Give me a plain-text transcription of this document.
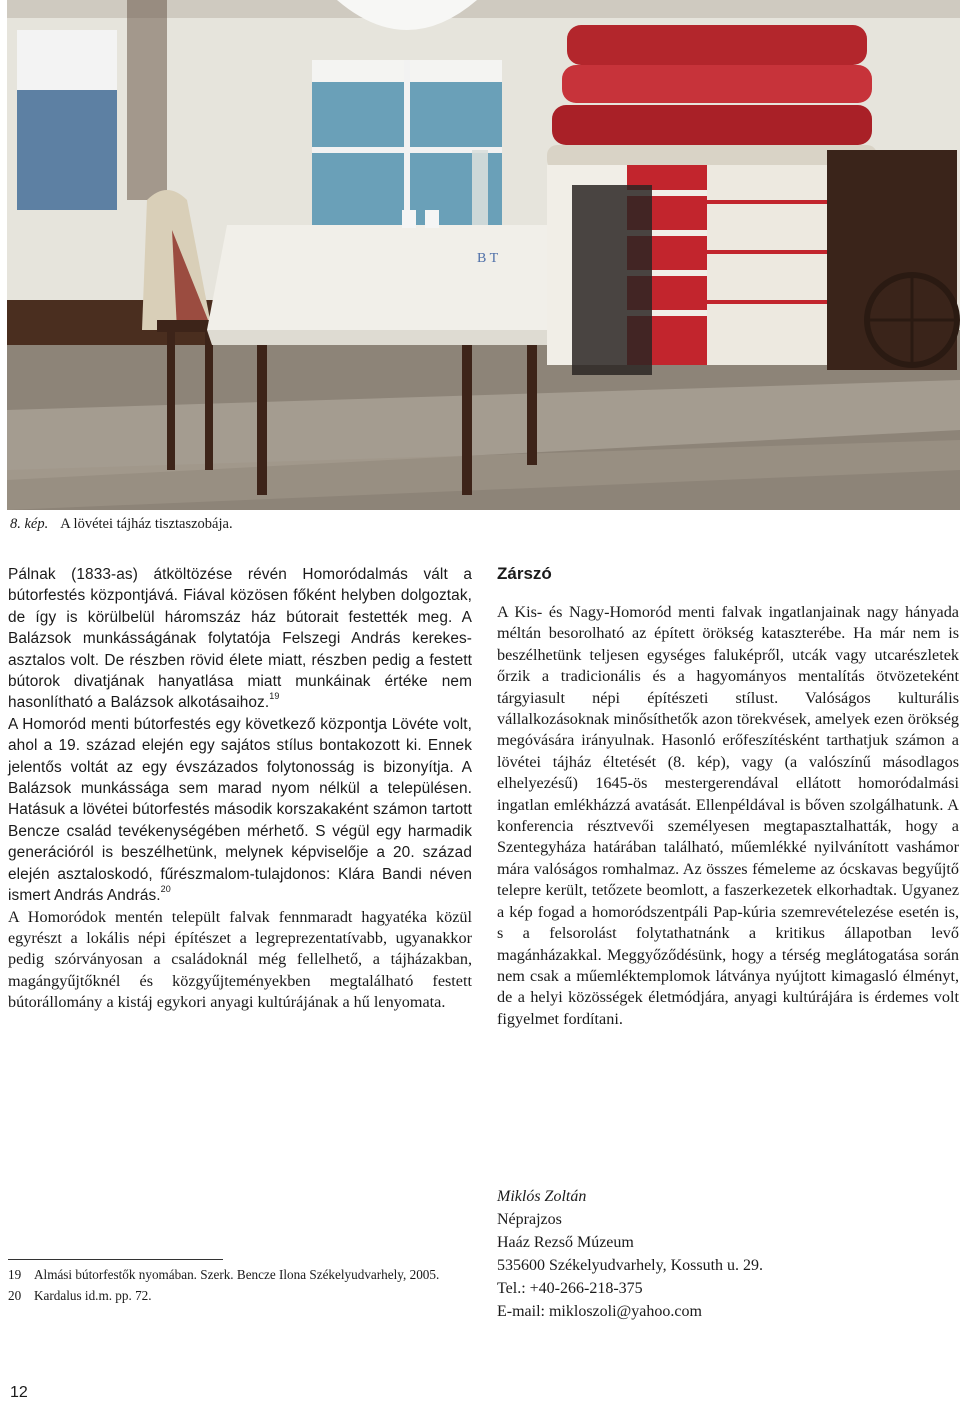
B T
8. kép. A lövétei tájház tisztaszobája.

Pálnak (1833-as) átköltözése révén Homoródalmás vált a bútorfestés központjává. Fiával közösen főként helyben dolgoztak, de így is körülbelül háromszáz ház bútorait festették meg. A Balázsok munkásságának folytatója Felszegi András kerekes-asztalos volt. De részben rövid élete miatt, részben pedig a festett bútorok divatjának hanyatlása miatt munkáinak értéke nem hasonlítható a Balázsok alkotásaihoz.$^{19}$

A Homoród menti bútorfestés egy következő központja Lövéte volt, ahol a 19. század elején egy sajátos stílus bontakozott ki. Ennek jelentős voltát az egy évszázados folytonosság is bizonyítja. A Balázsok munkássága sem marad nyom nélkül a településen. Hatásuk a lövétei bútorfestés második korszakaként számon tartott Bencze család tevékenységében mérhető. S végül egy harmadik generációról is beszélhetünk, melynek képviselője a 20. század elején asztaloskodó, fűrészmalom-tulajdonos: Klára Bandi néven ismert András András.$^{20}$

A Homoródok mentén települt falvak fennmaradt hagyatéka közül egyrészt a lokális népi építészet a legreprezentatívabb, ugyanakkor pedig szórványosan a családoknál még fellelhető, a tájházakban, magángyűjtőknél és közgyűjteményekben megtalálható festett bútorállomány a kistáj egykori anyagi kultúrájának a hű lenyomata.

Zárszó

A Kis- és Nagy-Homoród menti falvak ingatlanjainak nagy hányada méltán besorolható az épített örökség kataszterébe. Ha már nem is beszélhetünk teljesen egységes faluképről, utcák vagy utcarészletek őrzik a tradicionális és a hagyományos mentalítás ötvözeteként tárgyiasult népi építészeti stílust. Valóságos kulturális vállalkozásoknak minősíthetők azon törekvések, amelyek ezen örökség megóvására irányulnak. Hasonló erőfeszítésként tarthatjuk számon a lövétei tájház éltetését (8. kép), vagy (a valószínű másodlagos elhelyezésű) 1645-ös mestergerendával ellátott homoródalmási ingatlan emlékházzá avatását. Ellenpéldával is bőven szolgálhatunk. A konferencia résztvevői személyesen megtapasztalhatták, hogy a Szentegyháza határában található, műemlékké nyilvánított vashámor mára valóságos romhalmaz. Az összes fémeleme az ócskavas begyűjtő telepre került, tetőzete beomlott, a faszerkezetek elkorhadtak. Ugyanez a kép fogad a homoródszentpáli Pap-kúria szemrevételezése esetén is, s a felsorolást folytathatnánk a kritikus állapotban levő magánházakkal. Meggyőződésünk, hogy a térség meglátogatása során nem csak a műemléktemplomok látványa nyújtott kimagasló élményt, de a helyi közösségek életmódjára, anyagi kultúrájára is érdemes volt figyelmet fordítani.

19 Almási bútorfestők nyomában. Szerk. Bencze Ilona Székelyudvarhely, 2005.
20 Kardalus id.m. pp. 72.
Miklós Zoltán
Néprajzos
Haáz Rezső Múzeum
535600 Székelyudvarhely, Kossuth u. 29.
Tel.: +40-266-218-375
E-mail: mikloszoli@yahoo.com
12
